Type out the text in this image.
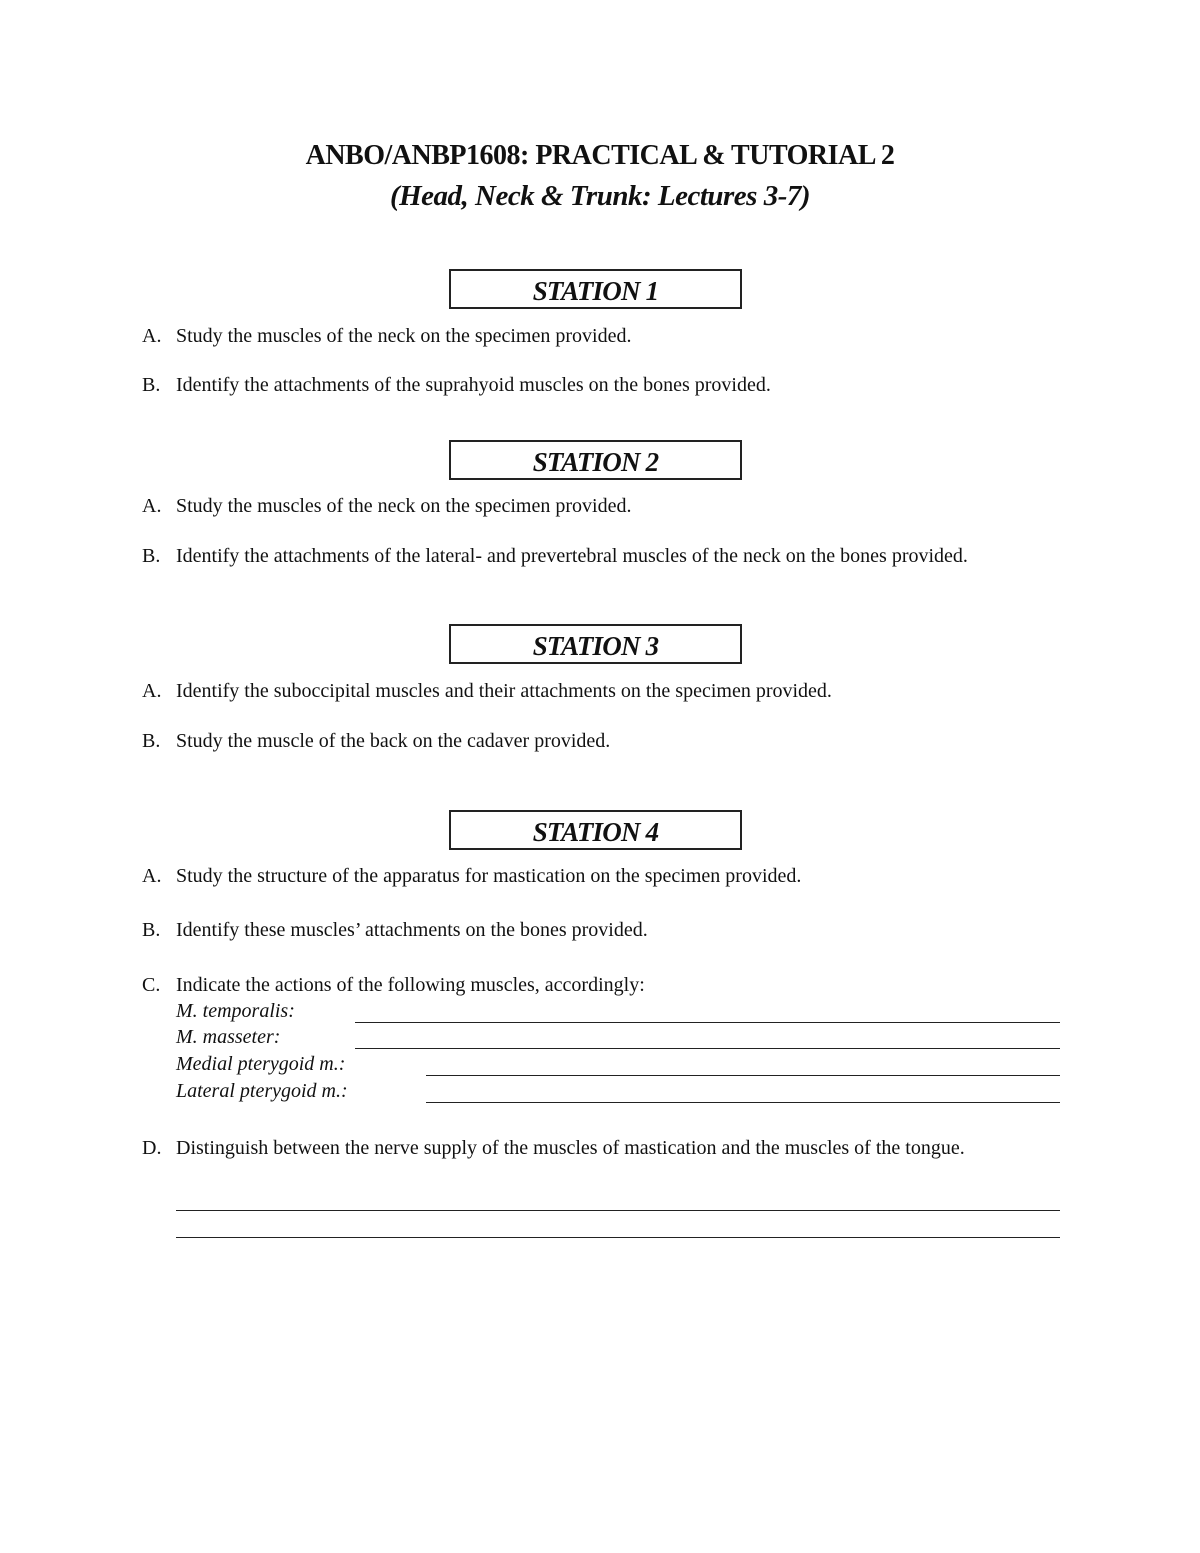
ANBO/ANBP1608: PRACTICAL & TUTORIAL 2
(Head, Neck & Trunk: Lectures 3-7)
STATION 1
A. Study the muscles of the neck on the specimen provided.
B. Identify the attachments of the suprahyoid muscles on the bones provided.
STATION 2
A. Study the muscles of the neck on the specimen provided.
B. Identify the attachments of the lateral- and prevertebral muscles of the neck on the bones provided.
STATION 3
A. Identify the suboccipital muscles and their attachments on the specimen provided.
B. Study the muscle of the back on the cadaver provided.
STATION 4
A. Study the structure of the apparatus for mastication on the specimen provided.
B. Identify these muscles’ attachments on the bones provided.
C. Indicate the actions of the following muscles, accordingly:
M. temporalis:
M. masseter:
Medial pterygoid m.:
Lateral pterygoid m.:
D. Distinguish between the nerve supply of the muscles of mastication and the muscles of the tongue.
